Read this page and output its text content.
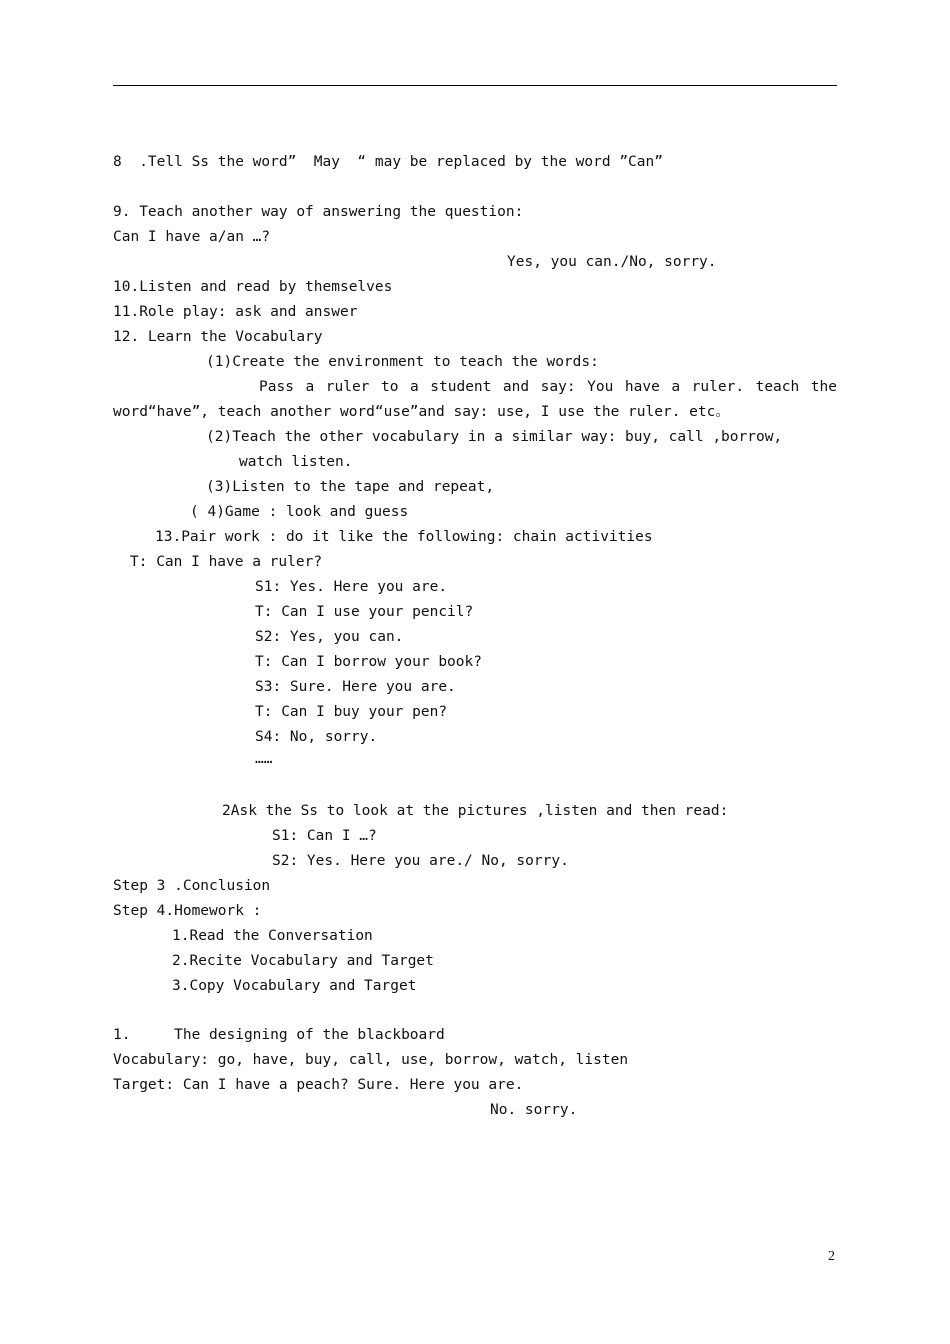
8  .Tell Ss the word”  May  “ may be replaced by the word ”Can”
9. Teach another way of answering the question:
Can I have a/an …?
Yes, you can./No, sorry.
10.Listen and read by themselves
11.Role play: ask and answer
12. Learn the Vocabulary
(1)Create the environment to teach the words:
Pass a ruler to a student and say: You have a ruler. teach the
word“have”, teach another word“use”and say: use, I use the ruler. etc。
(2)Teach the other vocabulary in a similar way: buy, call ,borrow,
watch listen.
(3)Listen to the tape and repeat,
( 4)Game : look and guess
13.Pair work : do it like the following: chain activities
T: Can I have a ruler?
S1: Yes. Here you are.
T: Can I use your pencil?
S2: Yes, you can.
T: Can I borrow your book?
S3: Sure. Here you are.
T: Can I buy your pen?
S4: No, sorry.
……
2Ask the Ss to look at the pictures ,listen and then read:
S1: Can I …?
S2: Yes. Here you are./ No, sorry.
Step 3 .Conclusion
Step 4.Homework :
1.Read the Conversation
2.Recite Vocabulary and Target
3.Copy Vocabulary and Target
1.     The designing of the blackboard
Vocabulary: go, have, buy, call, use, borrow, watch, listen
Target: Can I have a peach? Sure. Here you are.
No. sorry.
2
